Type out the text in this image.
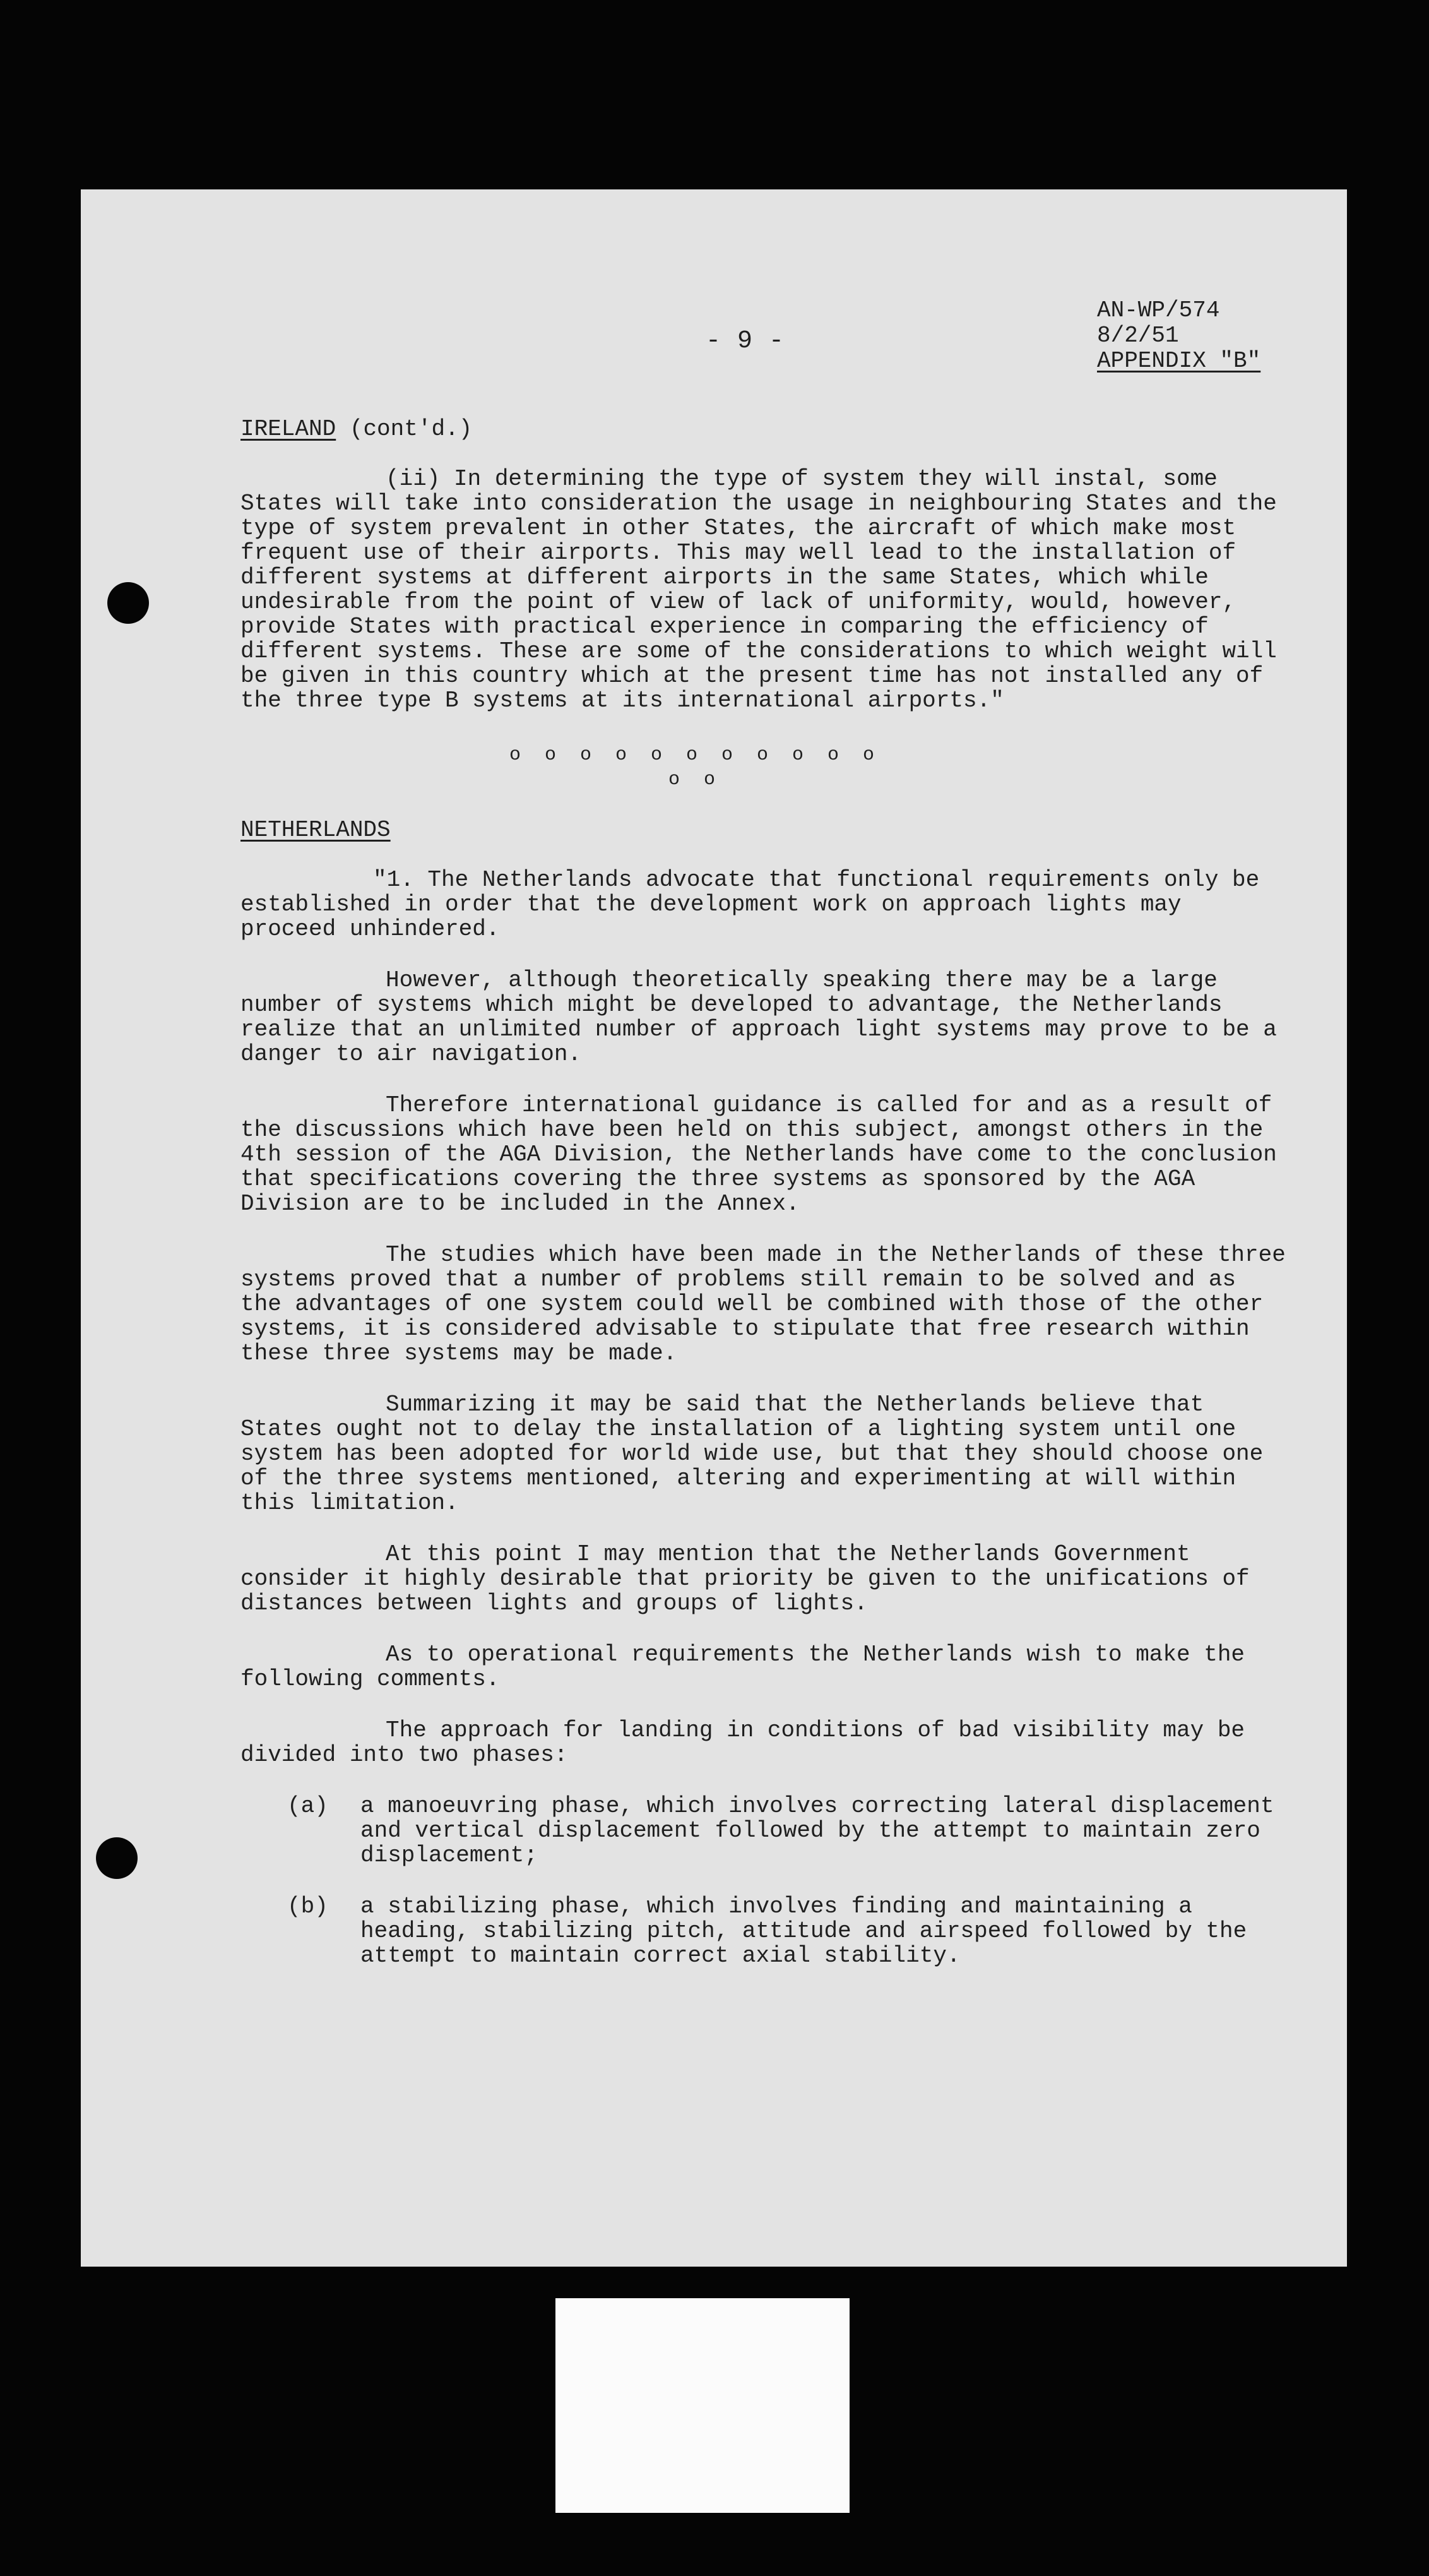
- 9 -
AN-WP/574
8/2/51
APPENDIX "B"
IRELAND (cont'd.)

(ii) In determining the type of system they will instal, some States will take into consideration the usage in neighbouring States and the type of system prevalent in other States, the aircraft of which make most frequent use of their airports. This may well lead to the installation of different systems at different airports in the same States, which while undesirable from the point of view of lack of uniformity, would, however, provide States with practical experience in comparing the efficiency of different systems. These are some of the considerations to which weight will be given in this country which at the present time has not installed any of the three type B systems at its international airports."

o o o o o o o o o o o o o
NETHERLANDS

"1. The Netherlands advocate that functional requirements only be established in order that the development work on approach lights may proceed unhindered.

However, although theoretically speaking there may be a large number of systems which might be developed to advantage, the Netherlands realize that an unlimited number of approach light systems may prove to be a danger to air navigation.

Therefore international guidance is called for and as a result of the discussions which have been held on this subject, amongst others in the 4th session of the AGA Division, the Netherlands have come to the conclusion that specifications covering the three systems as sponsored by the AGA Division are to be included in the Annex.

The studies which have been made in the Netherlands of these three systems proved that a number of problems still remain to be solved and as the advantages of one system could well be combined with those of the other systems, it is considered advisable to stipulate that free research within these three systems may be made.

Summarizing it may be said that the Netherlands believe that States ought not to delay the installation of a lighting system until one system has been adopted for world wide use, but that they should choose one of the three systems mentioned, altering and experimenting at will within this limitation.

At this point I may mention that the Netherlands Government consider it highly desirable that priority be given to the unifications of distances between lights and groups of lights.

As to operational requirements the Netherlands wish to make the following comments.

The approach for landing in conditions of bad visibility may be divided into two phases:

(a)	a manoeuvring phase, which involves correcting lateral displacement and vertical displacement followed by the attempt to maintain zero displacement;
(b)	a stabilizing phase, which involves finding and maintaining a heading, stabilizing pitch, attitude and airspeed followed by the attempt to maintain correct axial stability.
